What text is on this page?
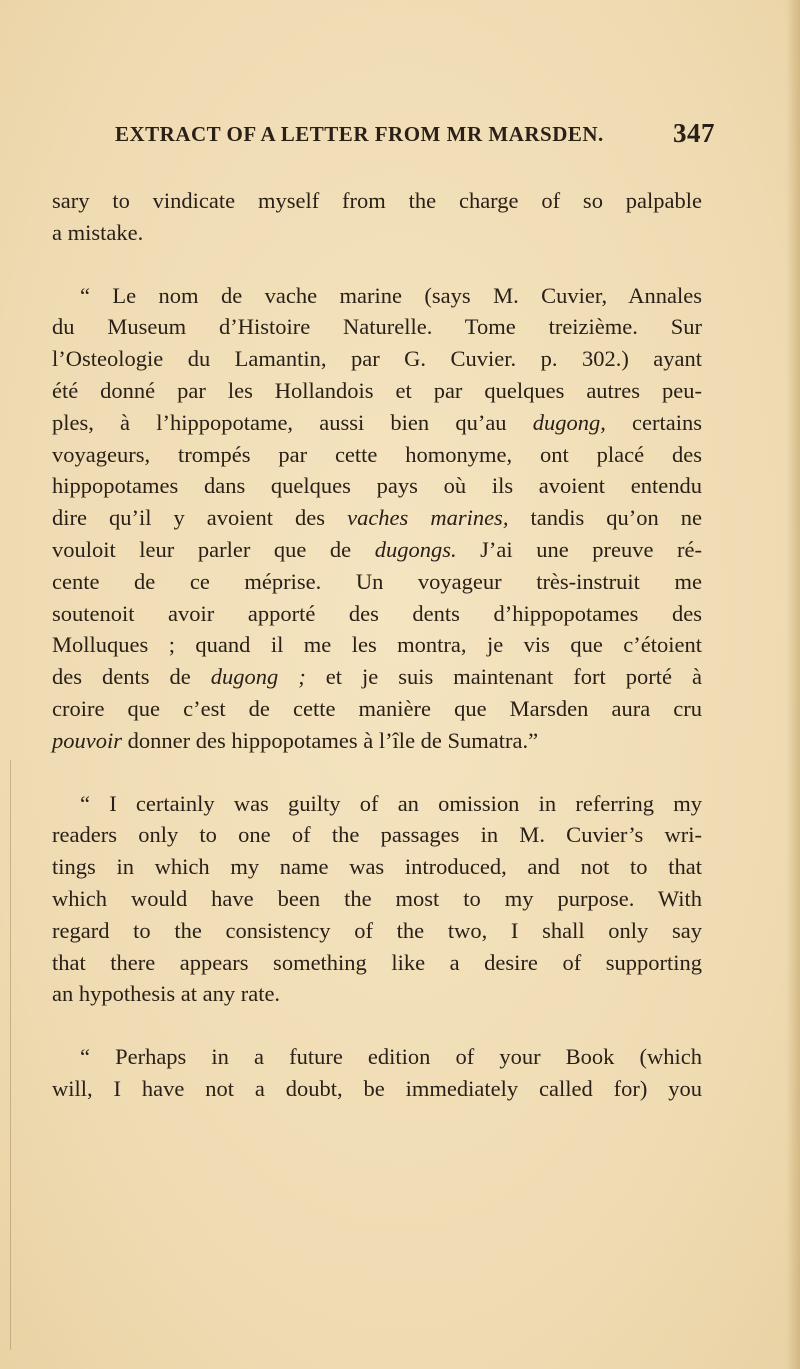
EXTRACT OF A LETTER FROM MR MARSDEN.	347
sary to vindicate myself from the charge of so palpable
a mistake.
“ Le nom de vache marine (says M. Cuvier, Annales
du Museum d’Histoire Naturelle. Tome treizième. Sur
l’Osteologie du Lamantin, par G. Cuvier. p. 302.) ayant
été donné par les Hollandois et par quelques autres peu-
ples, à l’hippopotame, aussi bien qu’au dugong, certains
voyageurs, trompés par cette homonyme, ont placé des
hippopotames dans quelques pays où ils avoient entendu
dire qu’il y avoient des vaches marines, tandis qu’on ne
vouloit leur parler que de dugongs. J’ai une preuve ré-
cente de ce méprise. Un voyageur très-instruit me
soutenoit avoir apporté des dents d’hippopotames des
Molluques ; quand il me les montra, je vis que c’étoient
des dents de dugong ; et je suis maintenant fort porté à
croire que c’est de cette manière que Marsden aura cru
pouvoir donner des hippopotames à l’île de Sumatra.”
“ I certainly was guilty of an omission in referring my
readers only to one of the passages in M. Cuvier’s wri-
tings in which my name was introduced, and not to that
which would have been the most to my purpose. With
regard to the consistency of the two, I shall only say
that there appears something like a desire of supporting
an hypothesis at any rate.
“ Perhaps in a future edition of your Book (which
will, I have not a doubt, be immediately called for) you
